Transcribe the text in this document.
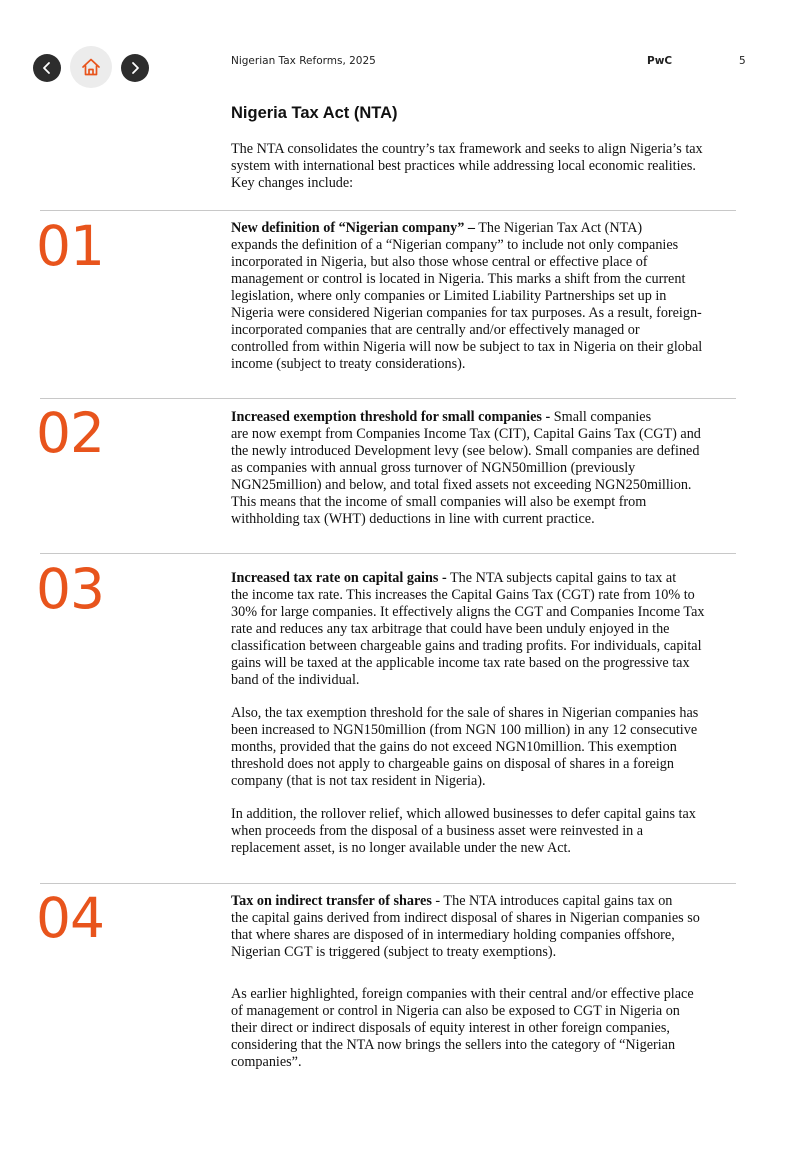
Nigerian Tax Reforms, 2025	PwC	5
Nigeria Tax Act (NTA)
The NTA consolidates the country’s tax framework and seeks to align Nigeria’s tax
system with international best practices while addressing local economic realities.
Key changes include:
01	New definition of “Nigerian company” – The Nigerian Tax Act (NTA)
expands the definition of a “Nigerian company” to include not only companies
incorporated in Nigeria, but also those whose central or effective place of
management or control is located in Nigeria. This marks a shift from the current
legislation, where only companies or Limited Liability Partnerships set up in
Nigeria were considered Nigerian companies for tax purposes. As a result, foreign-
incorporated companies that are centrally and/or effectively managed or
controlled from within Nigeria will now be subject to tax in Nigeria on their global
income (subject to treaty considerations).
02	Increased exemption threshold for small companies - Small companies
are now exempt from Companies Income Tax (CIT), Capital Gains Tax (CGT) and
the newly introduced Development levy (see below). Small companies are defined
as companies with annual gross turnover of NGN50million (previously
NGN25million) and below, and total fixed assets not exceeding NGN250million.
This means that the income of small companies will also be exempt from
withholding tax (WHT) deductions in line with current practice.
03	Increased tax rate on capital gains - The NTA subjects capital gains to tax at
the income tax rate. This increases the Capital Gains Tax (CGT) rate from 10% to
30% for large companies. It effectively aligns the CGT and Companies Income Tax
rate and reduces any tax arbitrage that could have been unduly enjoyed in the
classification between chargeable gains and trading profits. For individuals, capital
gains will be taxed at the applicable income tax rate based on the progressive tax
band of the individual.
Also, the tax exemption threshold for the sale of shares in Nigerian companies has
been increased to NGN150million (from NGN 100 million) in any 12 consecutive
months, provided that the gains do not exceed NGN10million. This exemption
threshold does not apply to chargeable gains on disposal of shares in a foreign
company (that is not tax resident in Nigeria).
In addition, the rollover relief, which allowed businesses to defer capital gains tax
when proceeds from the disposal of a business asset were reinvested in a
replacement asset, is no longer available under the new Act.
04	Tax on indirect transfer of shares - The NTA introduces capital gains tax on
the capital gains derived from indirect disposal of shares in Nigerian companies so
that where shares are disposed of in intermediary holding companies offshore,
Nigerian CGT is triggered (subject to treaty exemptions).
As earlier highlighted, foreign companies with their central and/or effective place
of management or control in Nigeria can also be exposed to CGT in Nigeria on
their direct or indirect disposals of equity interest in other foreign companies,
considering that the NTA now brings the sellers into the category of “Nigerian
companies”.
